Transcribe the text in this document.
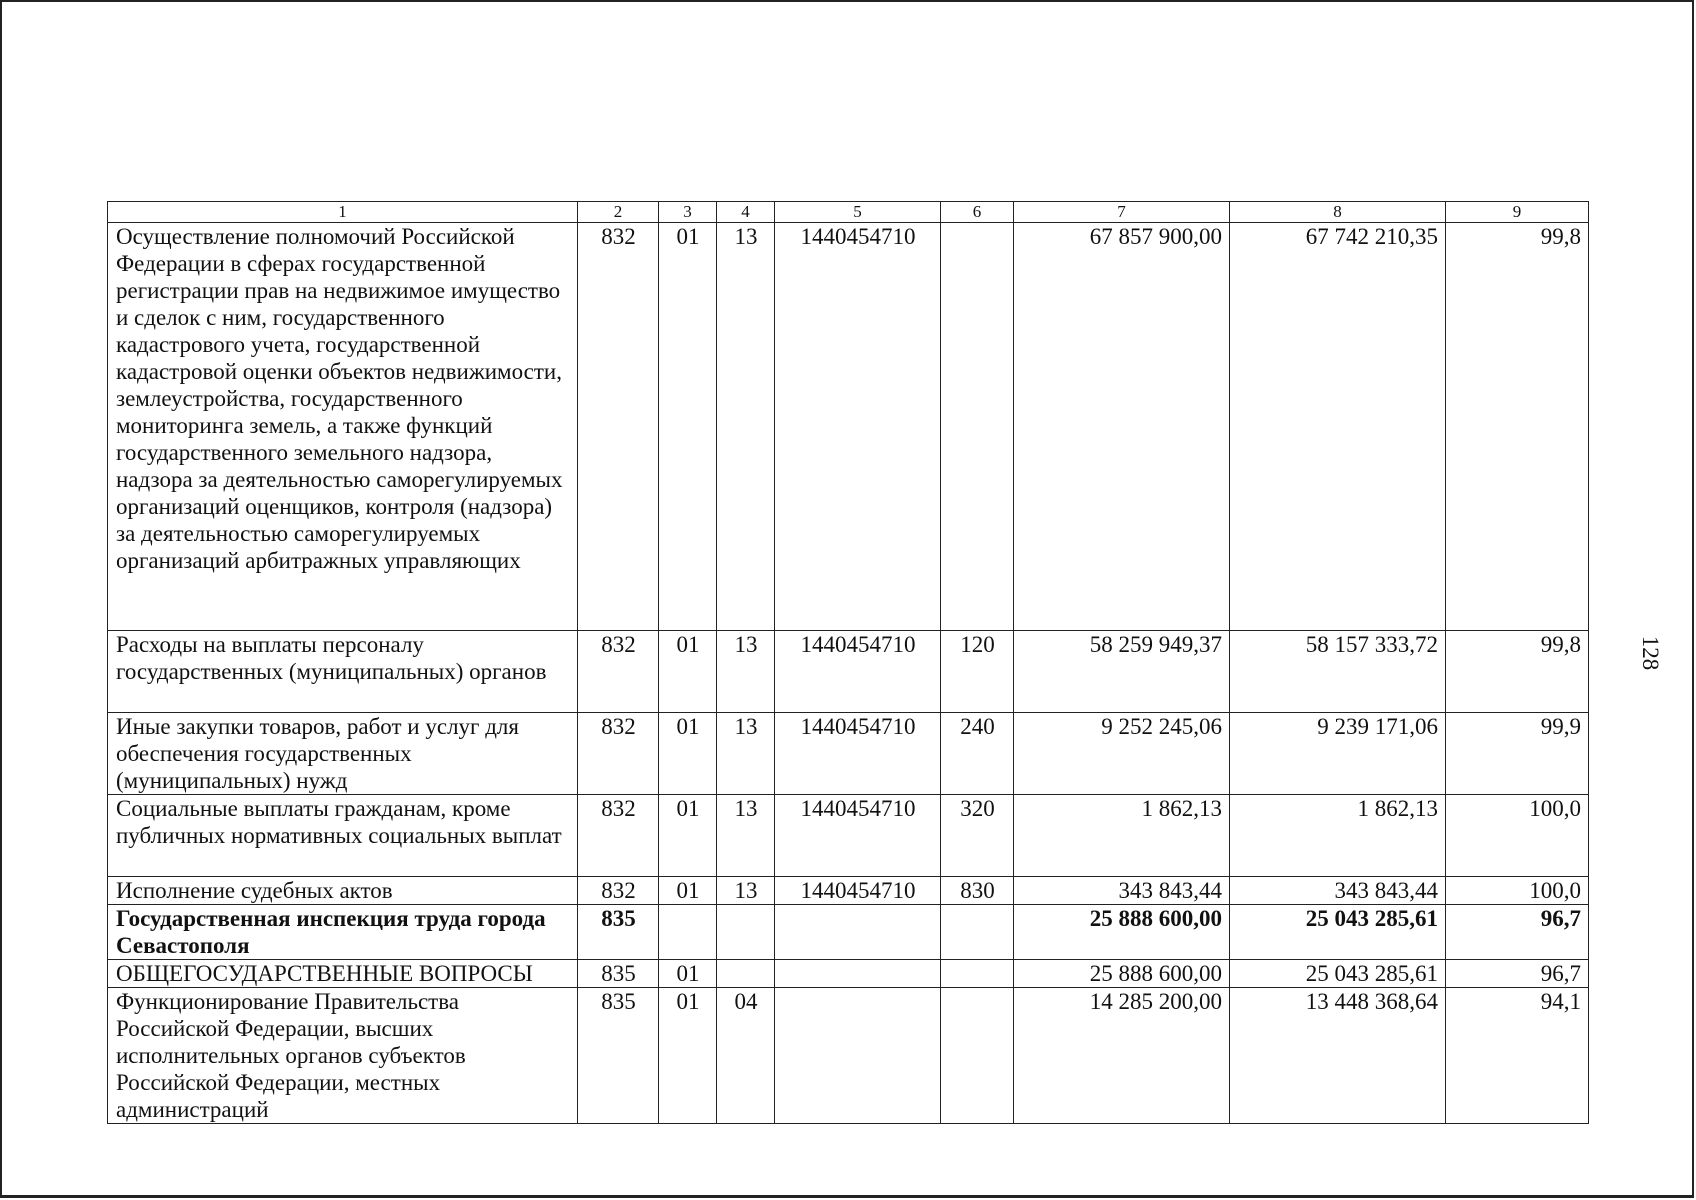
128
1	2	3	4	5	6	7	8	9
Осуществление полномочий Российской Федерации в сферах государственной регистрации прав на недвижимое имущество и сделок с ним, государственного кадастрового учета, государственной кадастровой оценки объектов недвижимости, землеустройства, государственного мониторинга земель, а также функций государственного земельного надзора, надзора за деятельностью саморегулируемых организаций оценщиков, контроля (надзора) за деятельностью саморегулируемых организаций арбитражных управляющих	832	01	13	1440454710		67 857 900,00	67 742 210,35	99,8
Расходы на выплаты персоналу государственных (муниципальных) органов	832	01	13	1440454710	120	58 259 949,37	58 157 333,72	99,8
Иные закупки товаров, работ и услуг для обеспечения государственных (муниципальных) нужд	832	01	13	1440454710	240	9 252 245,06	9 239 171,06	99,9
Социальные выплаты гражданам, кроме публичных нормативных социальных выплат	832	01	13	1440454710	320	1 862,13	1 862,13	100,0
Исполнение судебных актов	832	01	13	1440454710	830	343 843,44	343 843,44	100,0
Государственная инспекция труда города Севастополя	835					25 888 600,00	25 043 285,61	96,7
ОБЩЕГОСУДАРСТВЕННЫЕ ВОПРОСЫ	835	01				25 888 600,00	25 043 285,61	96,7
Функционирование Правительства Российской Федерации, высших исполнительных органов субъектов Российской Федерации, местных администраций	835	01	04			14 285 200,00	13 448 368,64	94,1
